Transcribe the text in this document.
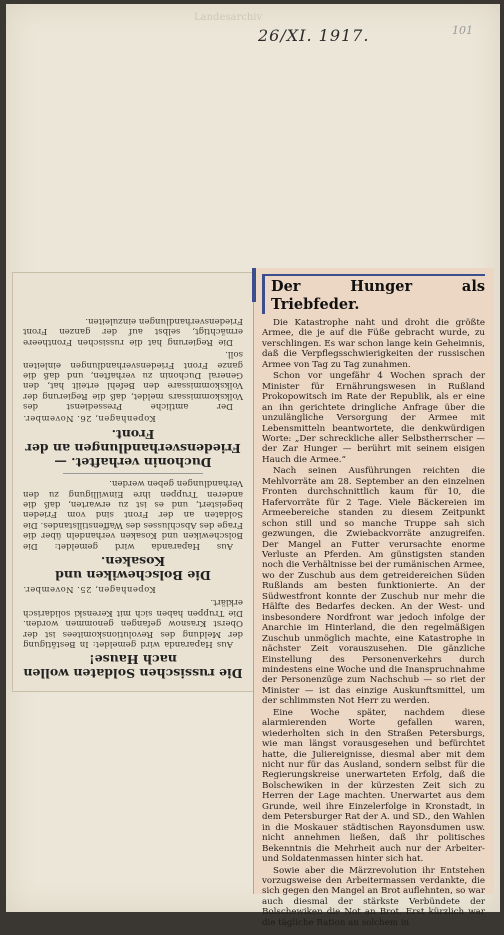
Landesarchiv
26/XI. 1917.	101
Die russischen Soldaten wollen nach Hause!

Aus Haparanda wird gemeldet: In Bestätigung der Meldung des Revolutionskomitees ist der Oberst Krasnow gefangen genommen worden. Die Truppen haben sich mit Kerenski solidarisch erklärt.

Kopenhagen, 25. November.
Die Bolschewiken und Kosaken.

Aus Haparanda wird gemeldet: Die Bolschewiken und Kosaken verhandeln über die Frage des Abschlusses des Waffenstillstandes. Die Soldaten an der Front sind vom Frieden begeistert, und es ist zu erwarten, daß die anderen Truppen ihre Einwilligung zu den Verhandlungen geben werden.

Duchonin verhaftet. — Friedensverhandlungen an der Front.
Kopenhagen, 26. November.

Der amtliche Pressedienst des Volkskommissars meldet, daß die Regierung der Volkskommissare den Befehl erteilt hat, den General Duchonin zu verhaften, und daß die ganze Front Friedensverhandlungen einleiten soll.

Die Regierung hat die russischen Frontheere ermächtigt, selbst auf der ganzen Front Friedensverhandlungen einzuleiten.

Der Hunger als Triebfeder.

Die Katastrophe naht und droht die größte Armee, die je auf die Füße gebracht wurde, zu verschlingen. Es war schon lange kein Geheimnis, daß die Verpflegsschwierigkeiten der russischen Armee von Tag zu Tag zunahmen.

Schon vor ungefähr 4 Wochen sprach der Minister für Ernährungswesen in Rußland Prokopowitsch im Rate der Republik, als er eine an ihn gerichtete dringliche Anfrage über die unzulängliche Versorgung der Armee mit Lebensmitteln beantwortete, die denkwürdigen Worte: „Der schreckliche aller Selbstherrscher — der Zar Hunger — berührt mit seinem eisigen Hauch die Armee.“

Nach seinen Ausführungen reichten die Mehlvorräte am 28. September an den einzelnen Fronten durchschnittlich kaum für 10, die Hafervorräte für 2 Tage. Viele Bäckereien im Armeebereiche standen zu diesem Zeitpunkt schon still und so manche Truppe sah sich gezwungen, die Zwiebackvorräte anzugreifen. Der Mangel an Futter verursachte enorme Verluste an Pferden. Am günstigsten standen noch die Verhältnisse bei der rumänischen Armee, wo der Zuschub aus dem getreidereichen Süden Rußlands am besten funktionierte. An der Südwestfront konnte der Zuschub nur mehr die Hälfte des Bedarfes decken. An der West- und insbesondere Nordfront war jedoch infolge der Anarchie im Hinterland, die den regelmäßigen Zuschub unmöglich machte, eine Katastrophe in nächster Zeit vorauszusehen. Die gänzliche Einstellung des Personenverkehrs durch mindestens eine Woche und die Inanspruchnahme der Personenzüge zum Nachschub — so riet der Minister — ist das einzige Auskunftsmittel, um der schlimmsten Not Herr zu werden.

Eine Woche später, nachdem diese alarmierenden Worte gefallen waren, wiederholten sich in den Straßen Petersburgs, wie man längst vorausgesehen und befürchtet hatte, die Juliereignisse, diesmal aber mit dem nicht nur für das Ausland, sondern selbst für die Regierungskreise unerwarteten Erfolg, daß die Bolschewiken in der kürzesten Zeit sich zu Herren der Lage machten. Unerwartet aus dem Grunde, weil ihre Einzelerfolge in Kronstadt, in dem Petersburger Rat der A. und SD., den Wahlen in die Moskauer städtischen Rayonsdumen usw. nicht annehmen ließen, daß ihr politisches Bekenntnis die Mehrheit auch nur der Arbeiter- und Soldatenmassen hinter sich hat.

Sowie aber die Märzrevolution ihr Entstehen vorzugsweise den Arbeitermassen verdankte, die sich gegen den Mangel an Brot auflehnten, so war auch diesmal der stärkste Verbündete der Bolschewiken die Not an Brot. Erst kürzlich war die tägliche Ration an solchem in
